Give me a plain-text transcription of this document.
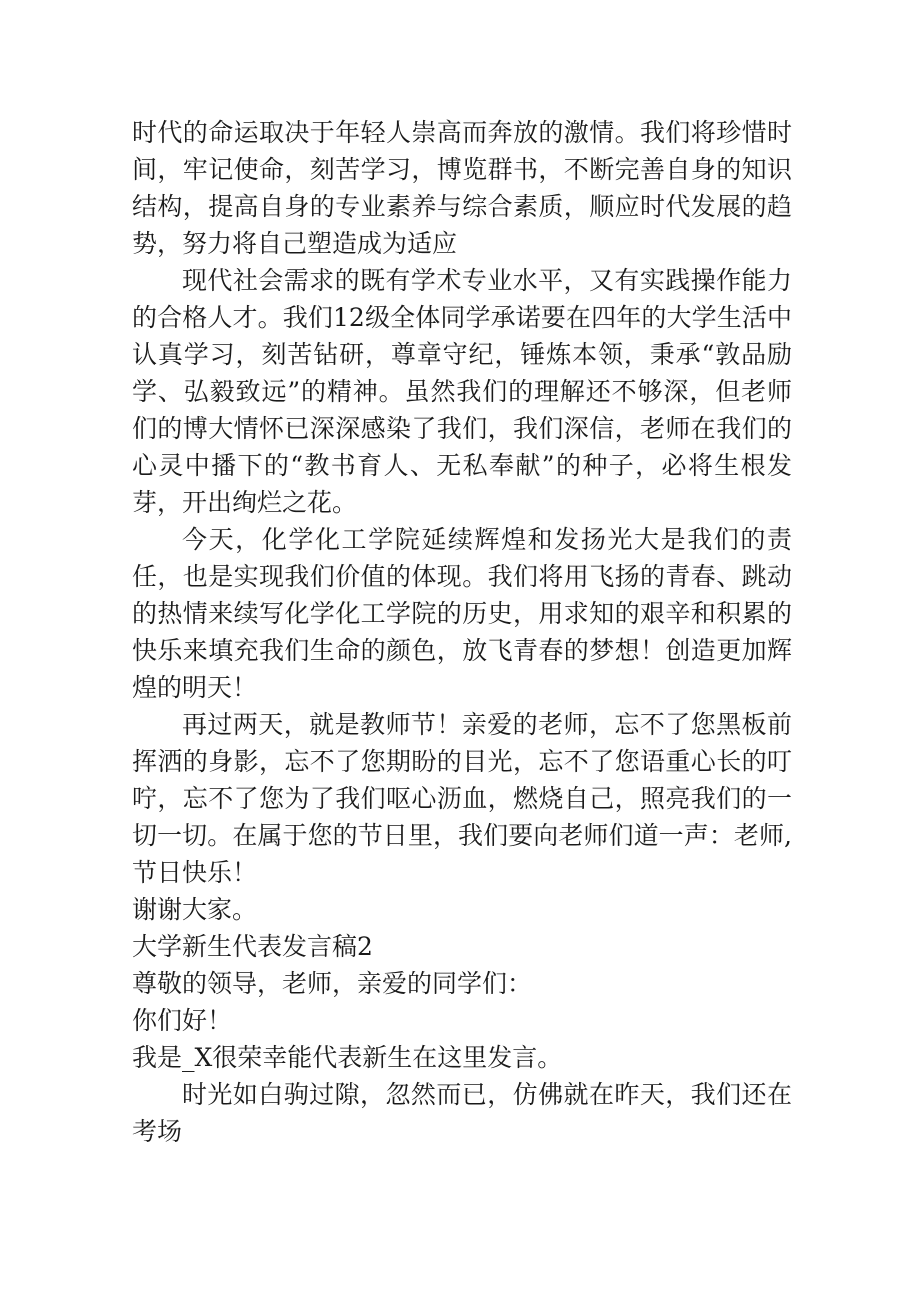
时代的命运取决于年轻人崇高而奔放的激情。我们将珍惜时间，牢记使命，刻苦学习，博览群书，不断完善自身的知识结构，提高自身的专业素养与综合素质，顺应时代发展的趋势，努力将自己塑造成为适应

现代社会需求的既有学术专业水平，又有实践操作能力的合格人才。我们12级全体同学承诺要在四年的大学生活中认真学习，刻苦钻研，尊章守纪，锤炼本领，秉承“敦品励学、弘毅致远”的精神。虽然我们的理解还不够深，但老师们的博大情怀已深深感染了我们，我们深信，老师在我们的心灵中播下的“教书育人、无私奉献”的种子，必将生根发芽，开出绚烂之花。

今天，化学化工学院延续辉煌和发扬光大是我们的责任，也是实现我们价值的体现。我们将用飞扬的青春、跳动的热情来续写化学化工学院的历史，用求知的艰辛和积累的快乐来填充我们生命的颜色，放飞青春的梦想！创造更加辉煌的明天！

再过两天，就是教师节！亲爱的老师，忘不了您黑板前挥洒的身影，忘不了您期盼的目光，忘不了您语重心长的叮咛，忘不了您为了我们呕心沥血，燃烧自己，照亮我们的一切一切。在属于您的节日里，我们要向老师们道一声：老师,节日快乐！

谢谢大家。

大学新生代表发言稿2

尊敬的领导，老师，亲爱的同学们：

你们好！

我是_X很荣幸能代表新生在这里发言。

时光如白驹过隙，忽然而已，仿佛就在昨天，我们还在考场
